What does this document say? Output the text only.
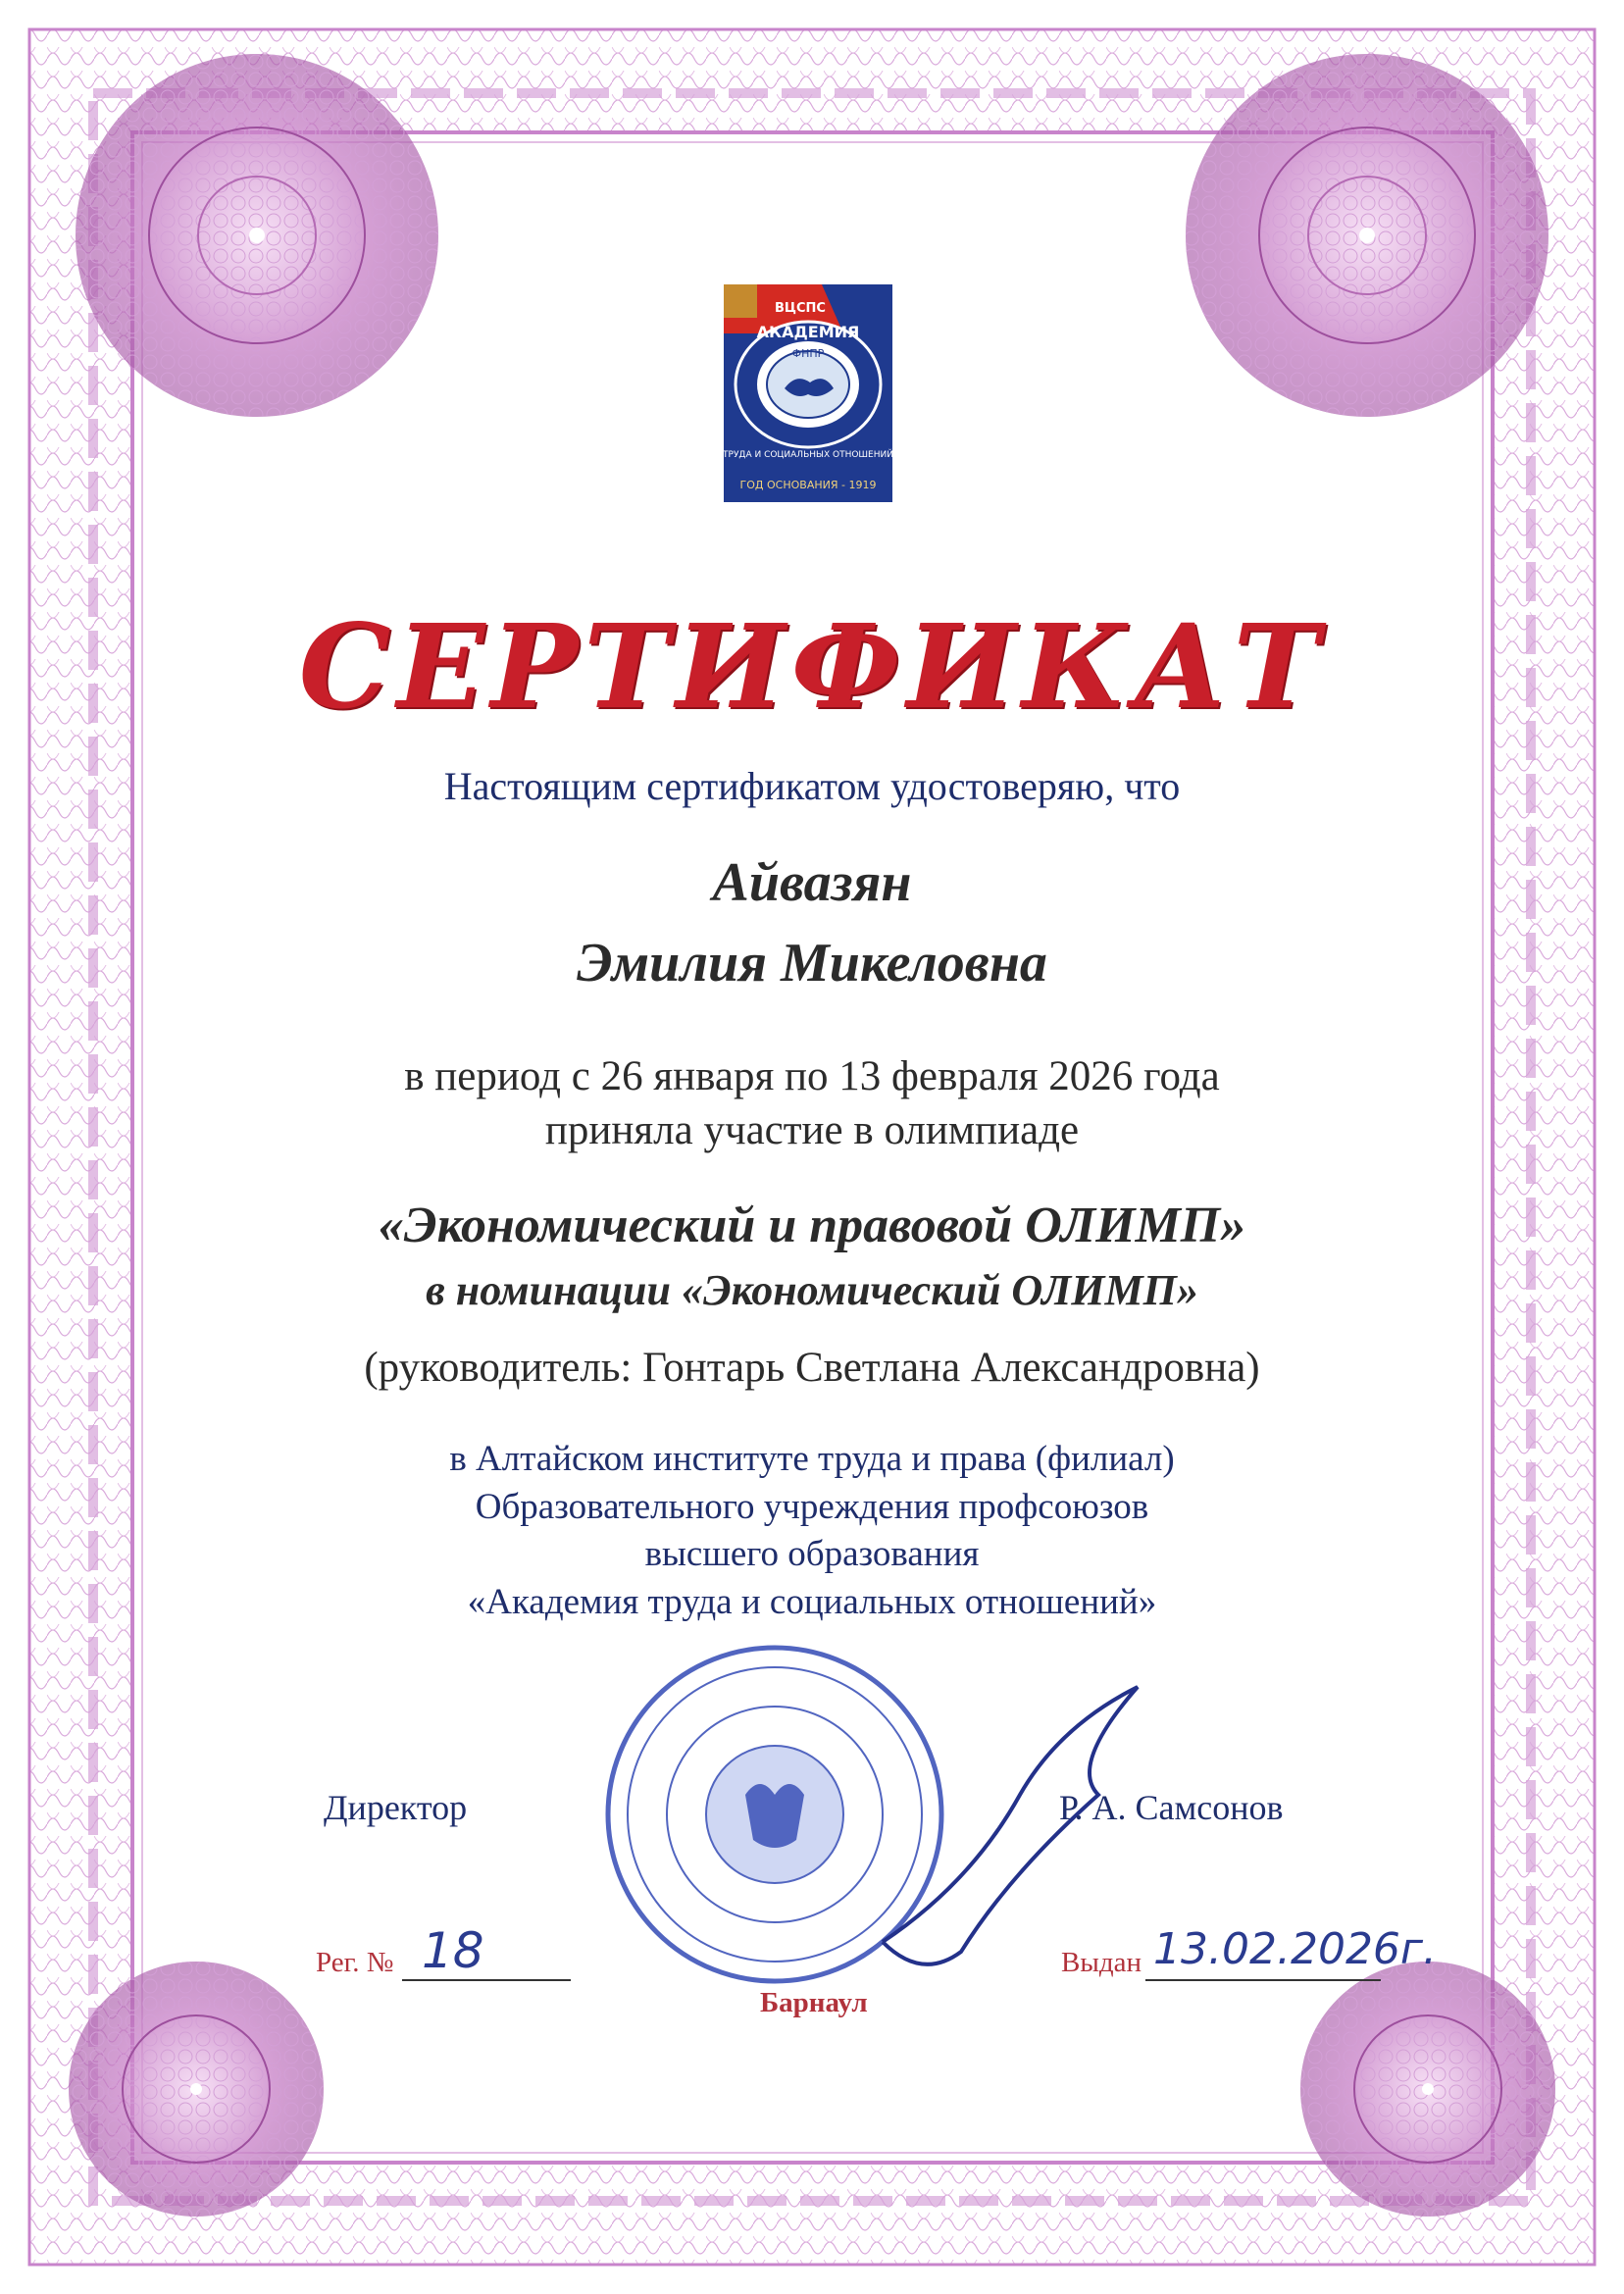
ВЦСПС
АКАДЕМИЯ
ФНПР
ТРУДА И СОЦИАЛЬНЫХ ОТНОШЕНИЙ
ГОД ОСНОВАНИЯ - 1919
СЕРТИФИКАТ

Настоящим сертификатом удостоверяю, что

Айвазян

Эмилия Микеловна

в период с 26 января по 13 февраля 2026 года

приняла участие в олимпиаде

«Экономический и правовой ОЛИМП»

в номинации «Экономический ОЛИМП»

(руководитель: Гонтарь Светлана Александровна)

в Алтайском институте труда и права (филиал)

Образовательного учреждения профсоюзов

высшего образования

«Академия труда и социальных отношений»

Директор	Р. А. Самсонов

Рег. № 18	Выдан 13.02.2026г.

Барнаул
